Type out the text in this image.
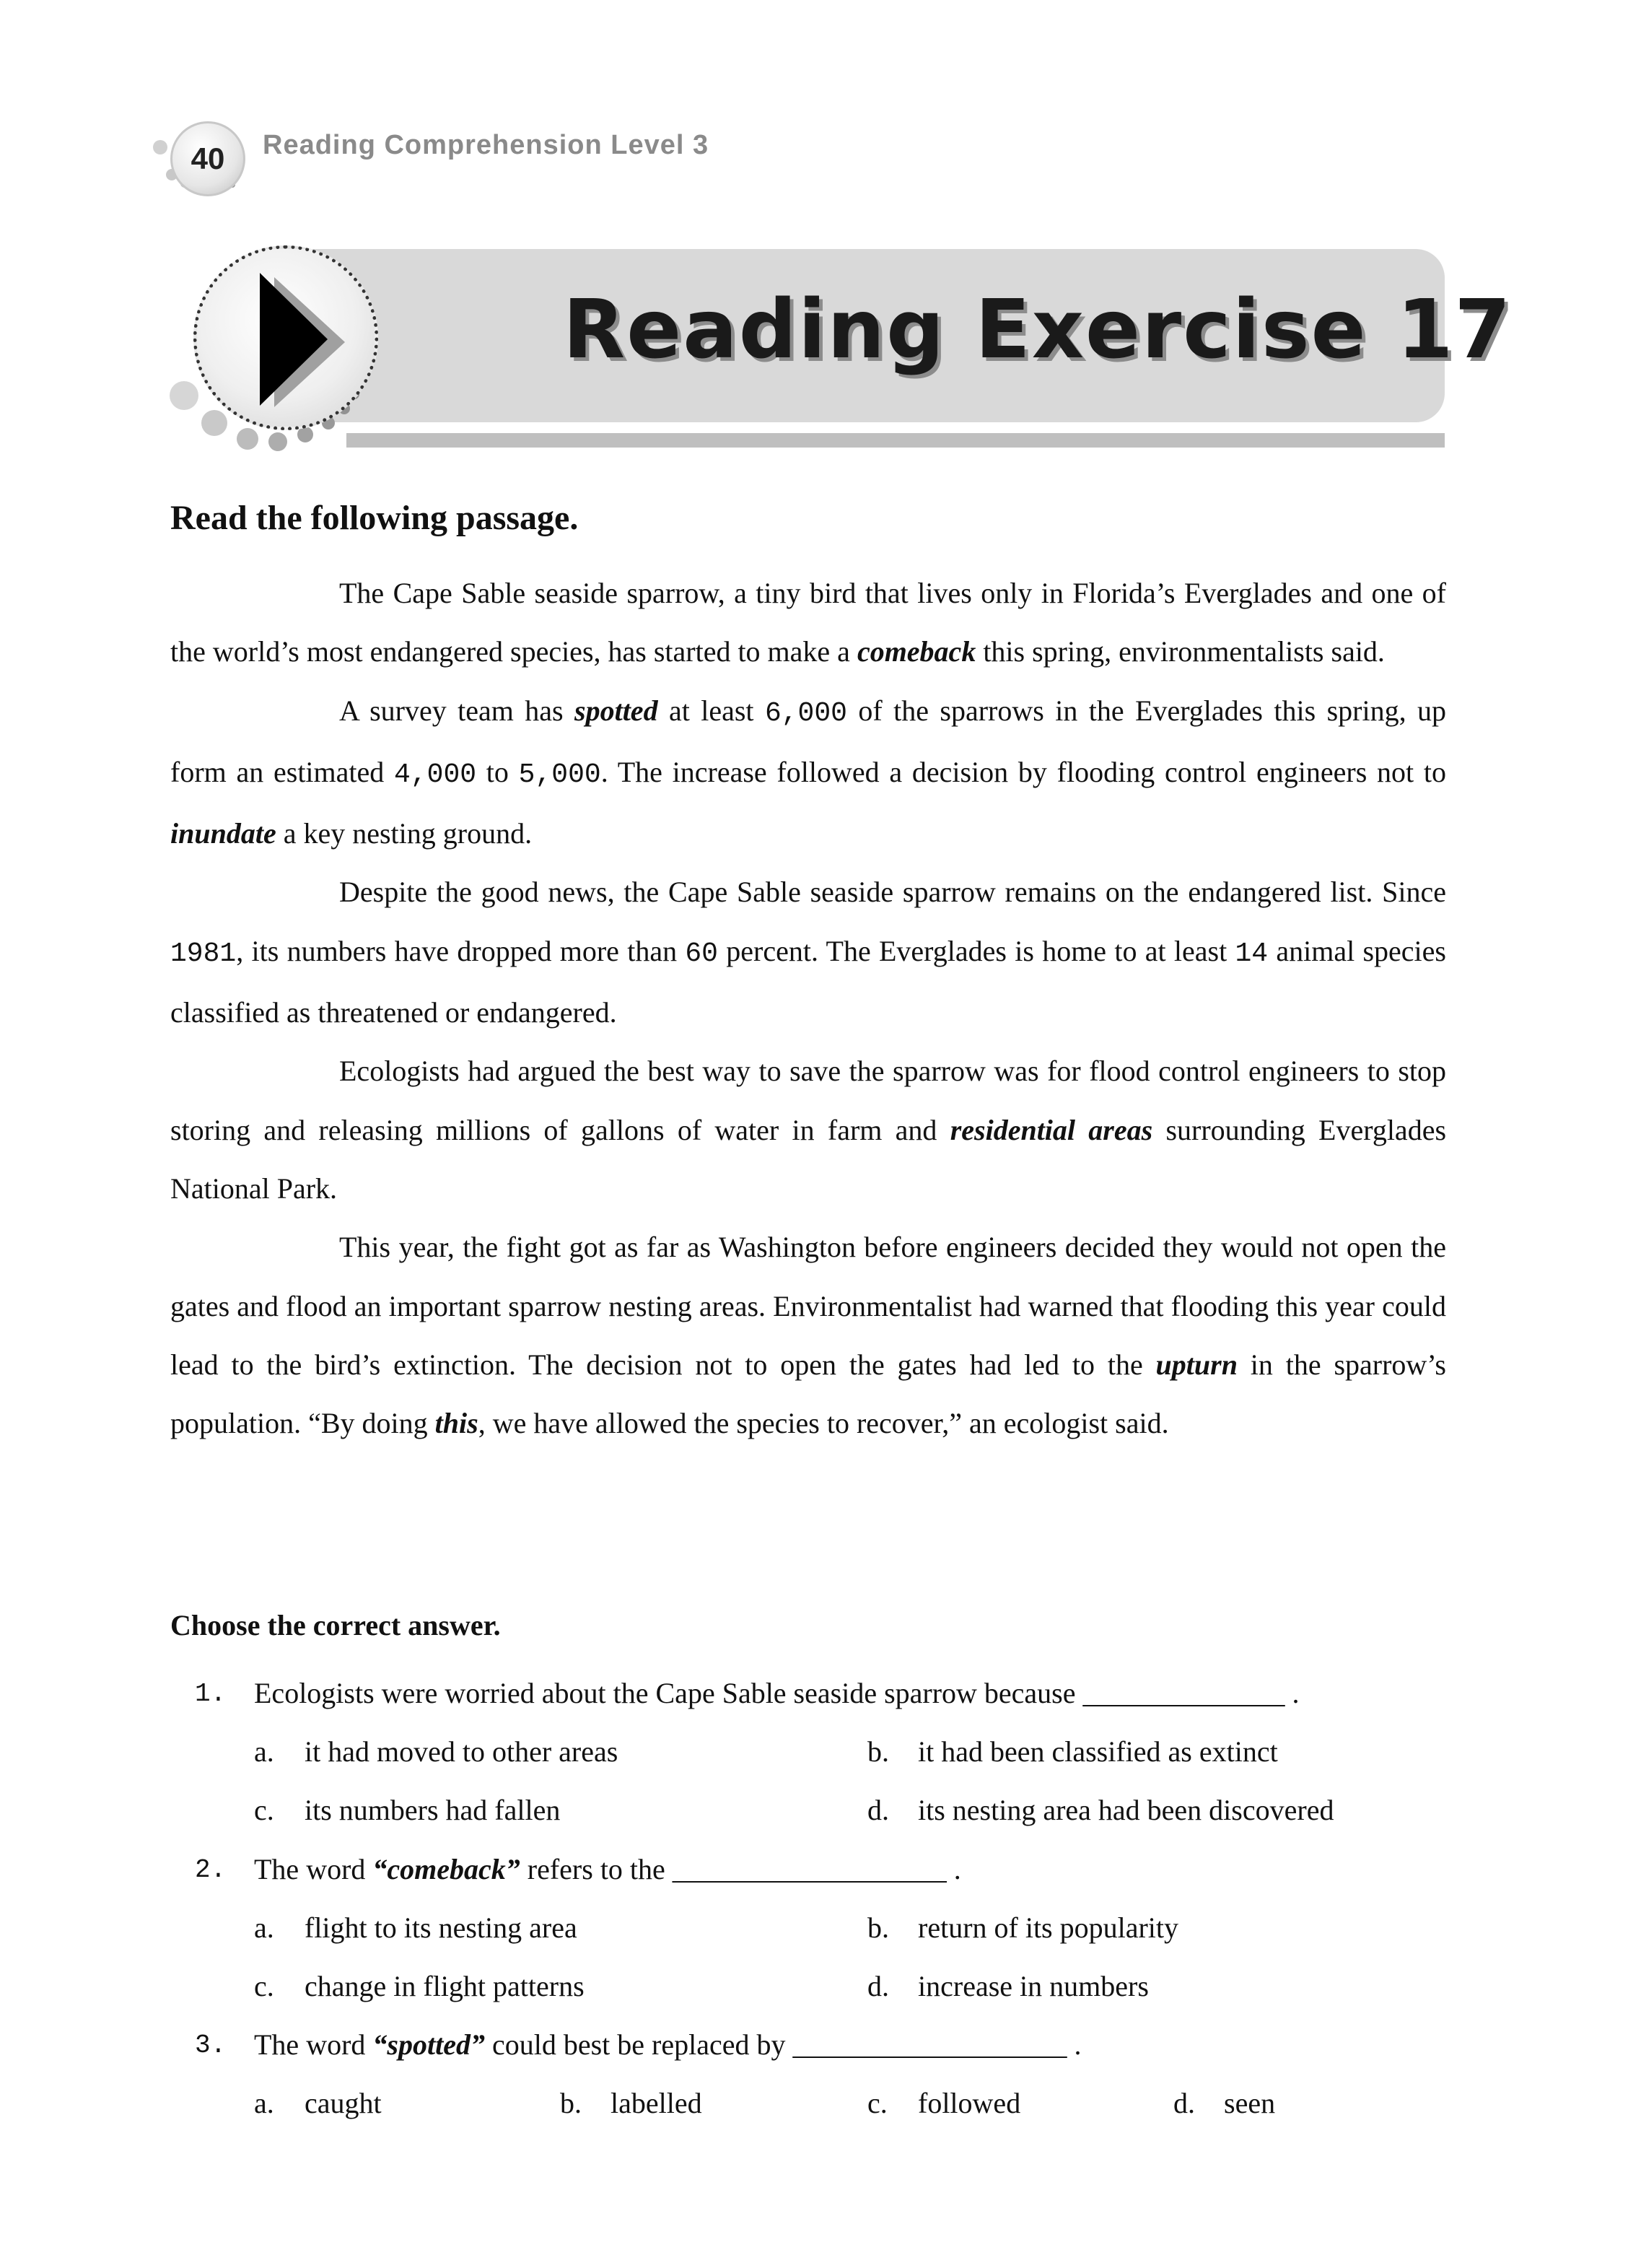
40	Reading Comprehension Level 3
Reading Exercise 17
Read the following passage.

The Cape Sable seaside sparrow, a tiny bird that lives only in Florida’s Everglades and one of the world’s most endangered species, has started to make a comeback this spring, environmentalists said.

A survey team has spotted at least 6,000 of the sparrows in the Everglades this spring, up form an estimated 4,000 to 5,000. The increase followed a decision by flooding control engineers not to inundate a key nesting ground.

Despite the good news, the Cape Sable seaside sparrow remains on the endangered list. Since 1981, its numbers have dropped more than 60 percent. The Everglades is home to at least 14 animal species classified as threatened or endangered.

Ecologists had argued the best way to save the sparrow was for flood control engineers to stop storing and releasing millions of gallons of water in farm and residential areas surrounding Everglades National Park.

This year, the fight got as far as Washington before engineers decided they would not open the gates and flood an important sparrow nesting areas. Environmentalist had warned that flooding this year could lead to the bird’s extinction. The decision not to open the gates had led to the upturn in the sparrow’s population. “By doing this, we have allowed the species to recover,” an ecologist said.

Choose the correct answer.
1. Ecologists were worried about the Cape Sable seaside sparrow because ______________ .
a. it had moved to other areas	b. it had been classified as extinct
c. its numbers had fallen	d. its nesting area had been discovered
2. The word “comeback” refers to the ___________________ .
a. flight to its nesting area	b. return of its popularity
c. change in flight patterns	d. increase in numbers
3. The word “spotted” could best be replaced by ___________________ .
a. caught	b. labelled	c. followed	d. seen
